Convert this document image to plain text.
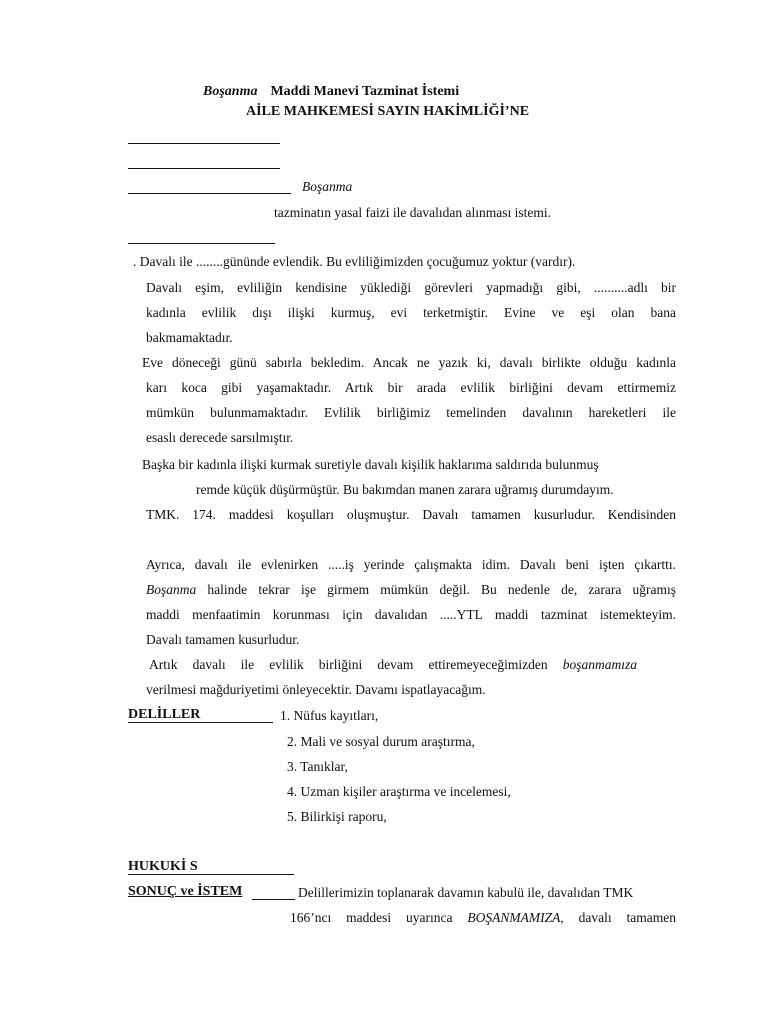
Boşanma Maddi Manevi Tazminat İstemi
AİLE MAHKEMESİ SAYIN HAKİMLİĞİ’NE
Boşanma
tazminatın yasal faizi ile davalıdan alınması istemi.
. Davalı ile ........gününde evlendik. Bu evliliğimizden çocuğumuz yoktur (vardır).
Davalı eşim, evliliğin kendisine yüklediği görevleri yapmadığı gibi, ..........adlı bir
kadınla evlilik dışı ilişki kurmuş, evi terketmiştir. Evine ve eşi olan bana
bakmamaktadır.
Eve döneceği günü sabırla bekledim. Ancak ne yazık ki, davalı birlikte olduğu kadınla
karı koca gibi yaşamaktadır. Artık bir arada evlilik birliğini devam ettirmemiz
mümkün bulunmamaktadır. Evlilik birliğimiz temelinden davalının hareketleri ile
esaslı derecede sarsılmıştır.
Başka bir kadınla ilişki kurmak suretiyle davalı kişilik haklarıma saldırıda bulunmuş
remde küçük düşürmüştür. Bu bakımdan manen zarara uğramış durumdayım.
TMK. 174. maddesi koşulları oluşmuştur. Davalı tamamen kusurludur. Kendisinden
Ayrıca, davalı ile evlenirken .....iş yerinde çalışmakta idim. Davalı beni işten çıkarttı.
Boşanma halinde tekrar işe girmem mümkün değil. Bu nedenle de, zarara uğramış
maddi menfaatimin korunması için davalıdan .....YTL maddi tazminat istemekteyim.
Davalı tamamen kusurludur.
Artık davalı ile evlilik birliğini devam ettiremeyeceğimizden boşanmamıza
verilmesi mağduriyetimi önleyecektir. Davamı ispatlayacağım.
DELİLLER	1. Nüfus kayıtları,
2. Mali ve sosyal durum araştırma,
3. Tanıklar,
4. Uzman kişiler araştırma ve incelemesi,
5. Bilirkişi raporu,
HUKUKİ S
SONUÇ ve İSTEM	Delillerimizin toplanarak davamın kabulü ile, davalıdan TMK
166’ncı maddesi uyarınca BOŞANMAMIZA, davalı tamamen
